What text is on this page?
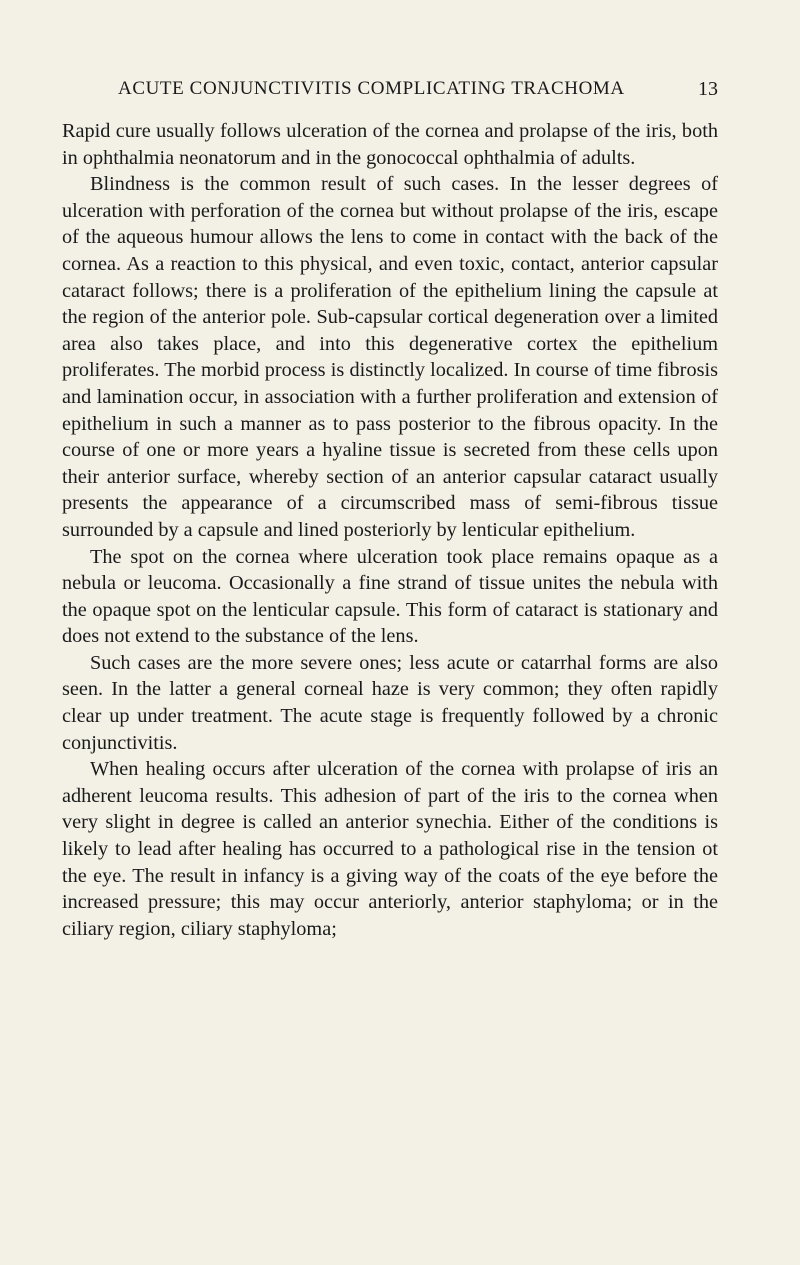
ACUTE CONJUNCTIVITIS COMPLICATING TRACHOMA	13

Rapid cure usually follows ulceration of the cornea and prolapse of the iris, both in ophthalmia neonatorum and in the gonococcal ophthalmia of adults.

Blindness is the common result of such cases. In the lesser degrees of ulceration with perforation of the cornea but without prolapse of the iris, escape of the aqueous humour allows the lens to come in contact with the back of the cornea. As a reaction to this physical, and even toxic, contact, anterior capsular cataract follows; there is a proliferation of the epithelium lining the capsule at the region of the anterior pole. Sub-capsular cortical degeneration over a limited area also takes place, and into this degenerative cortex the epithelium proliferates. The morbid process is distinctly localized. In course of time fibrosis and lamination occur, in association with a further proliferation and extension of epithelium in such a manner as to pass posterior to the fibrous opacity. In the course of one or more years a hyaline tissue is secreted from these cells upon their anterior surface, whereby section of an anterior capsular cataract usually presents the appearance of a circumscribed mass of semi-fibrous tissue surrounded by a capsule and lined posteriorly by lenticular epithelium.

The spot on the cornea where ulceration took place remains opaque as a nebula or leucoma. Occasionally a fine strand of tissue unites the nebula with the opaque spot on the lenticular capsule. This form of cataract is stationary and does not extend to the substance of the lens.

Such cases are the more severe ones; less acute or catarrhal forms are also seen. In the latter a general corneal haze is very common; they often rapidly clear up under treatment. The acute stage is frequently followed by a chronic conjunctivitis.

When healing occurs after ulceration of the cornea with prolapse of iris an adherent leucoma results. This adhesion of part of the iris to the cornea when very slight in degree is called an anterior synechia. Either of the conditions is likely to lead after healing has occurred to a pathological rise in the tension ot the eye. The result in infancy is a giving way of the coats of the eye before the increased pressure; this may occur anteriorly, anterior staphyloma; or in the ciliary region, ciliary staphyloma;
